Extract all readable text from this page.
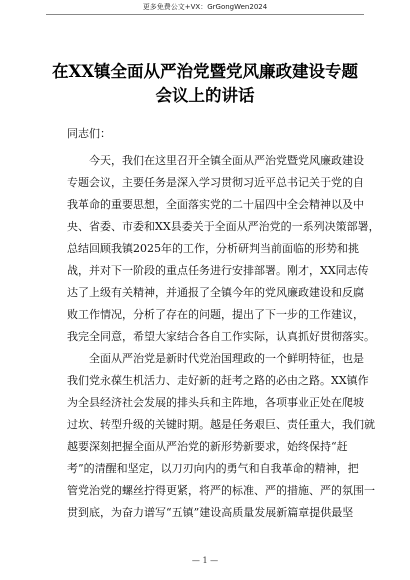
更多免费公文+VX：GrGongWen2024
在XX镇全面从严治党暨党风廉政建设专题会议上的讲话
同志们：
今天，我们在这里召开全镇全面从严治党暨党风廉政建设
专题会议，主要任务是深入学习贯彻习近平总书记关于党的自
我革命的重要思想，全面落实党的二十届四中全会精神以及中
央、省委、市委和XX县委关于全面从严治党的一系列决策部署，
总结回顾我镇2025年的工作，分析研判当前面临的形势和挑
战，并对下一阶段的重点任务进行安排部署。刚才，XX同志传
达了上级有关精神，并通报了全镇今年的党风廉政建设和反腐
败工作情况，分析了存在的问题，提出了下一步的工作建议，
我完全同意，希望大家结合各自工作实际，认真抓好贯彻落实。
全面从严治党是新时代党治国理政的一个鲜明特征，也是
我们党永葆生机活力、走好新的赶考之路的必由之路。XX镇作
为全县经济社会发展的排头兵和主阵地，各项事业正处在爬坡
过坎、转型升级的关键时期。越是任务艰巨、责任重大，我们就
越要深刻把握全面从严治党的新形势新要求，始终保持“赶
考”的清醒和坚定，以刀刃向内的勇气和自我革命的精神，把
管党治党的螺丝拧得更紧，将严的标准、严的措施、严的氛围一
贯到底，为奋力谱写“五镇”建设高质量发展新篇章提供最坚
— 1 —
